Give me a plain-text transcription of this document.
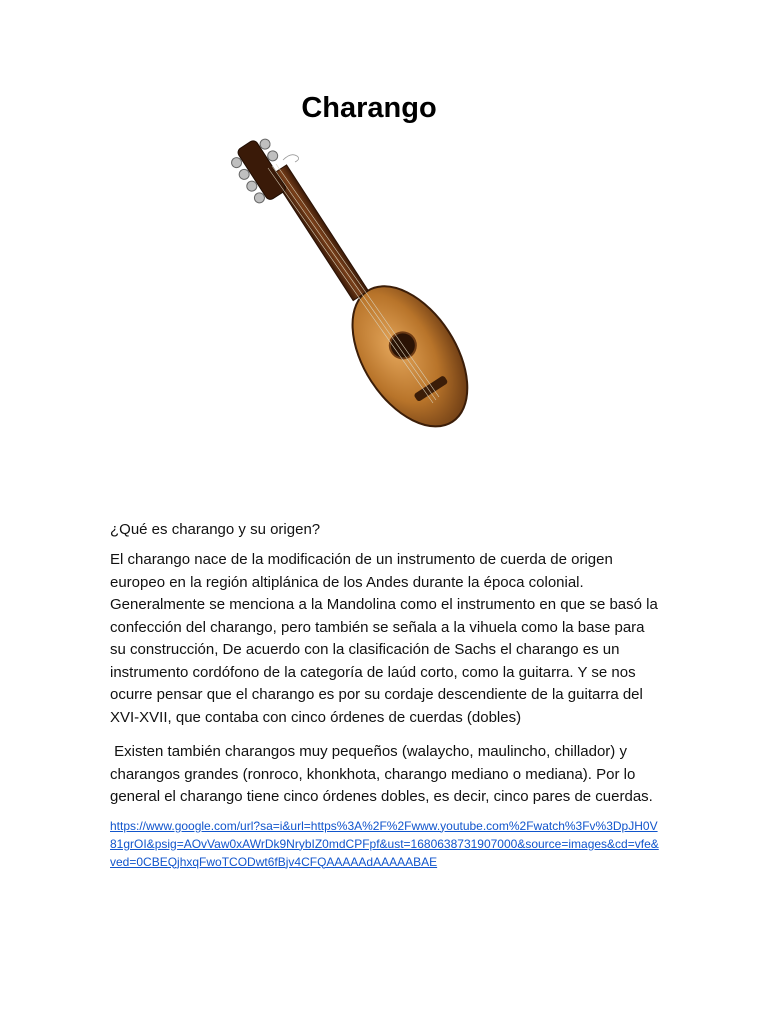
Charango

¿Qué es charango y su origen?

El charango nace de la modificación de un instrumento de cuerda de origen europeo en la región altiplánica de los Andes durante la época colonial. Generalmente se menciona a la Mandolina como el instrumento en que se basó la confección del charango, pero también se señala a la vihuela como la base para su construcción, De acuerdo con la clasificación de Sachs el charango es un instrumento cordófono de la categoría de laúd corto, como la guitarra. Y se nos ocurre pensar que el charango es por su cordaje descendiente de la guitarra del XVI-XVII, que contaba con cinco órdenes de cuerdas (dobles)

Existen también charangos muy pequeños (walaycho, maulincho, chillador) y charangos grandes (ronroco, khonkhota, charango mediano o mediana). Por lo general el charango tiene cinco órdenes dobles, es decir, cinco pares de cuerdas.

https://www.google.com/url?sa=i&url=https%3A%2F%2Fwww.youtube.com%2Fwatch%3Fv%3DpJH0V81grOI&psig=AOvVaw0xAWrDk9NrybIZ0mdCPFpf&ust=1680638731907000&source=images&cd=vfe&ved=0CBEQjhxqFwoTCODwt6fBjv4CFQAAAAAdAAAAABAE
